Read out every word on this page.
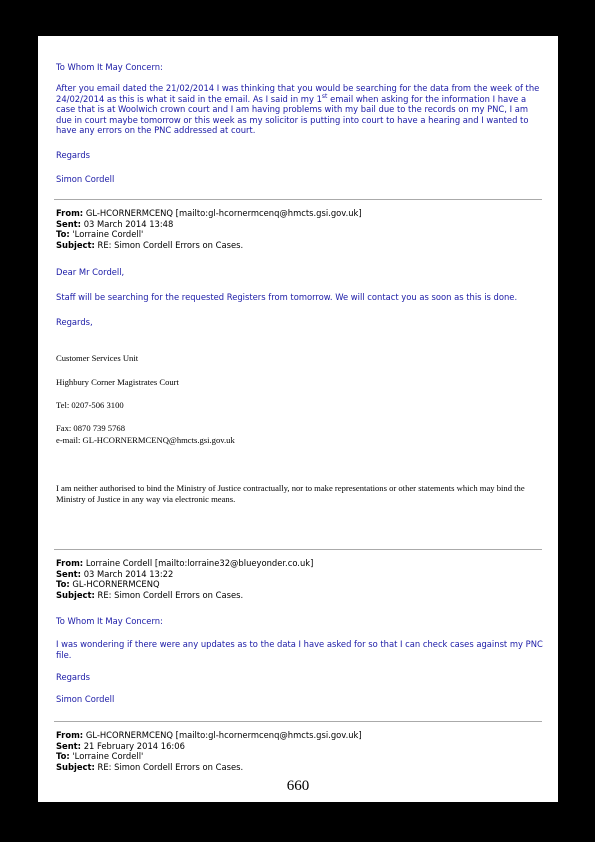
To Whom It May Concern:

After you email dated the 21/02/2014 I was thinking that you would be searching for the data from the week of the 24/02/2014 as this is what it said in the email. As I said in my 1st email when asking for the information I have a case that is at Woolwich crown court and I am having problems with my bail due to the records on my PNC, I am due in court maybe tomorrow or this week as my solicitor is putting into court to have a hearing and I wanted to have any errors on the PNC addressed at court.

Regards

Simon Cordell

From: GL-HCORNERMCENQ [mailto:gl-hcornermcenq@hmcts.gsi.gov.uk]
Sent: 03 March 2014 13:48
To: 'Lorraine Cordell'
Subject: RE: Simon Cordell Errors on Cases.

Dear Mr Cordell,

Staff will be searching for the requested Registers from tomorrow. We will contact you as soon as this is done.

Regards,

Customer Services Unit

Highbury Corner Magistrates Court

Tel: 0207-506 3100

Fax: 0870 739 5768

e-mail: GL-HCORNERMCENQ@hmcts.gsi.gov.uk

I am neither authorised to bind the Ministry of Justice contractually, nor to make representations or other statements which may bind the Ministry of Justice in any way via electronic means.

From: Lorraine Cordell [mailto:lorraine32@blueyonder.co.uk]
Sent: 03 March 2014 13:22
To: GL-HCORNERMCENQ
Subject: RE: Simon Cordell Errors on Cases.

To Whom It May Concern:

I was wondering if there were any updates as to the data I have asked for so that I can check cases against my PNC file.

Regards

Simon Cordell

From: GL-HCORNERMCENQ [mailto:gl-hcornermcenq@hmcts.gsi.gov.uk]
Sent: 21 February 2014 16:06
To: 'Lorraine Cordell'
Subject: RE: Simon Cordell Errors on Cases.
660
